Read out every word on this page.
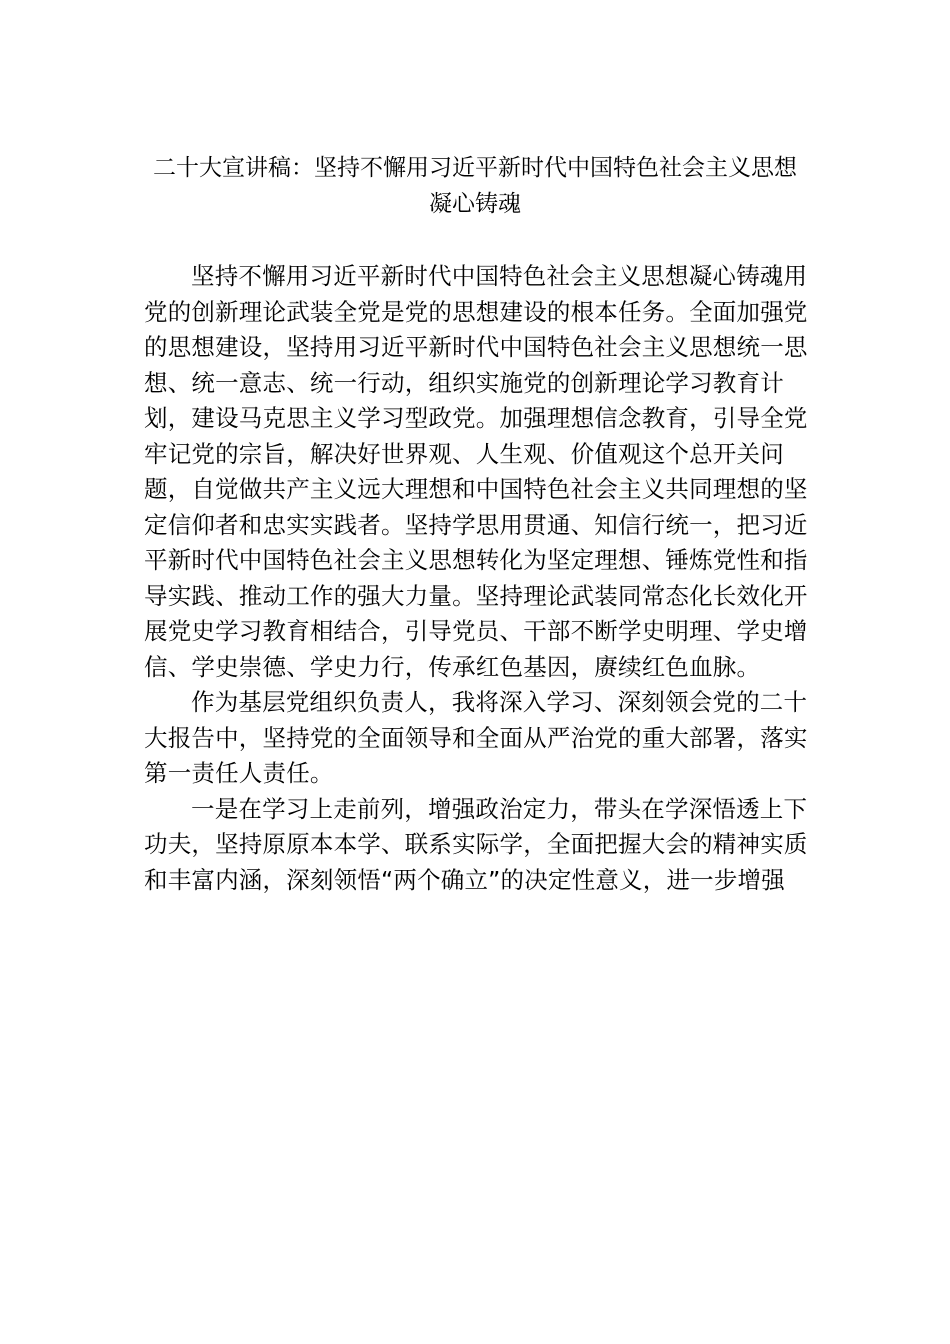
二十大宣讲稿：坚持不懈用习近平新时代中国特色社会主义思想凝心铸魂

坚持不懈用习近平新时代中国特色社会主义思想凝心铸魂用党的创新理论武装全党是党的思想建设的根本任务。全面加强党的思想建设，坚持用习近平新时代中国特色社会主义思想统一思想、统一意志、统一行动，组织实施党的创新理论学习教育计划，建设马克思主义学习型政党。加强理想信念教育，引导全党牢记党的宗旨，解决好世界观、人生观、价值观这个总开关问题，自觉做共产主义远大理想和中国特色社会主义共同理想的坚定信仰者和忠实实践者。坚持学思用贯通、知信行统一，把习近平新时代中国特色社会主义思想转化为坚定理想、锤炼党性和指导实践、推动工作的强大力量。坚持理论武装同常态化长效化开展党史学习教育相结合，引导党员、干部不断学史明理、学史增信、学史崇德、学史力行，传承红色基因，赓续红色血脉。

作为基层党组织负责人，我将深入学习、深刻领会党的二十大报告中，坚持党的全面领导和全面从严治党的重大部署，落实第一责任人责任。

一是在学习上走前列，增强政治定力，带头在学深悟透上下功夫，坚持原原本本学、联系实际学，全面把握大会的精神实质和丰富内涵，深刻领悟“两个确立”的决定性意义，进一步增强
